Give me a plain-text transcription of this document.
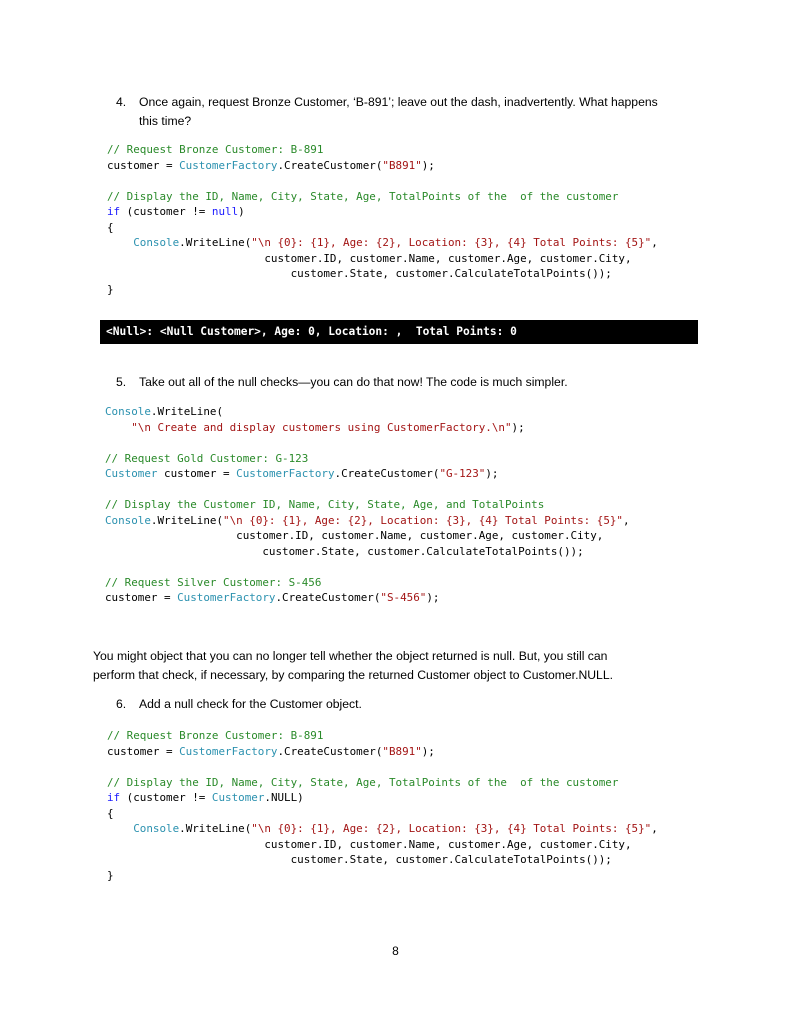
4. Once again, request Bronze Customer, ‘B-891’; leave out the dash, inadvertently. What happens
this time?
// Request Bronze Customer: B-891
customer = CustomerFactory.CreateCustomer("B891");

// Display the ID, Name, City, State, Age, TotalPoints of the  of the customer
if (customer != null)
{
Console.WriteLine("\n {0}: {1}, Age: {2}, Location: {3}, {4} Total Points: {5}",
customer.ID, customer.Name, customer.Age, customer.City,
customer.State, customer.CalculateTotalPoints());
}
<Null>: <Null Customer>, Age: 0, Location: ,  Total Points: 0
5. Take out all of the null checks—you can do that now! The code is much simpler.
Console.WriteLine(
"\n Create and display customers using CustomerFactory.\n");

// Request Gold Customer: G-123
Customer customer = CustomerFactory.CreateCustomer("G-123");

// Display the Customer ID, Name, City, State, Age, and TotalPoints
Console.WriteLine("\n {0}: {1}, Age: {2}, Location: {3}, {4} Total Points: {5}",
customer.ID, customer.Name, customer.Age, customer.City,
customer.State, customer.CalculateTotalPoints());

// Request Silver Customer: S-456
customer = CustomerFactory.CreateCustomer("S-456");
You might object that you can no longer tell whether the object returned is null. But, you still can
perform that check, if necessary, by comparing the returned Customer object to Customer.NULL.
6. Add a null check for the Customer object.
// Request Bronze Customer: B-891
customer = CustomerFactory.CreateCustomer("B891");

// Display the ID, Name, City, State, Age, TotalPoints of the  of the customer
if (customer != Customer.NULL)
{
Console.WriteLine("\n {0}: {1}, Age: {2}, Location: {3}, {4} Total Points: {5}",
customer.ID, customer.Name, customer.Age, customer.City,
customer.State, customer.CalculateTotalPoints());
}
8
